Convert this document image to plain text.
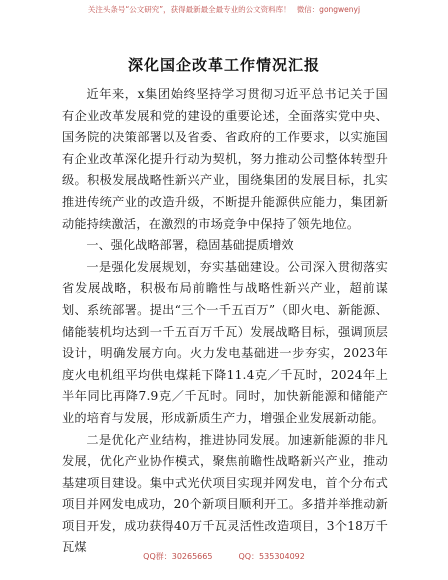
关注头条号“公文研究”，获得最新最全最专业的公文资料库！ 微信：gongwenyj
深化国企改革工作情况汇报

近年来，x集团始终坚持学习贯彻习近平总书记关于国有企业改革发展和党的建设的重要论述，全面落实党中央、国务院的决策部署以及省委、省政府的工作要求，以实施国有企业改革深化提升行动为契机，努力推动公司整体转型升级。积极发展战略性新兴产业，围绕集团的发展目标，扎实推进传统产业的改造升级，不断提升能源供应能力，集团新动能持续激活，在激烈的市场竞争中保持了领先地位。

一、强化战略部署，稳固基础提质增效

一是强化发展规划，夯实基础建设。公司深入贯彻落实省发展战略，积极布局前瞻性与战略性新兴产业，超前谋划、系统部署。提出“三个一千五百万”（即火电、新能源、储能装机均达到一千五百万千瓦）发展战略目标，强调顶层设计，明确发展方向。火力发电基础进一步夯实，2023年度火电机组平均供电煤耗下降11.4克／千瓦时，2024年上半年同比再降7.9克／千瓦时。同时，加快新能源和储能产业的培育与发展，形成新质生产力，增强企业发展新动能。

二是优化产业结构，推进协同发展。加速新能源的非凡发展，优化产业协作模式，聚焦前瞻性战略新兴产业，推动基建项目建设。集中式光伏项目实现并网发电，首个分布式项目并网发电成功，20个新项目顺利开工。多措并举推动新项目开发，成功获得40万千瓦灵活性改造项目，3个18万千瓦煤

QQ群：30265665	QQ：535304092
